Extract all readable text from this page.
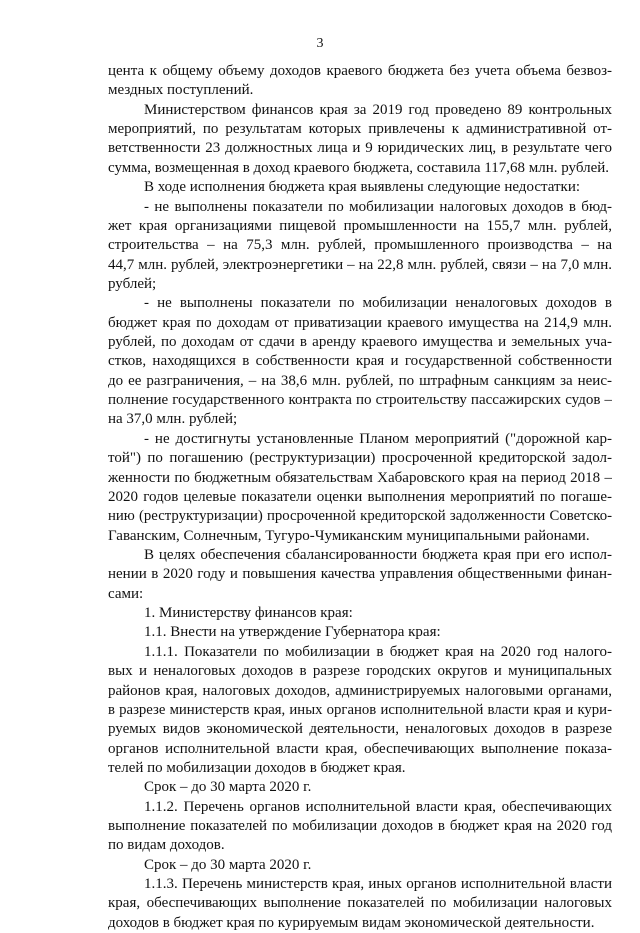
3
цента к общему объему доходов краевого бюджета без учета объема безвоз-
мездных поступлений.
Министерством финансов края за 2019 год проведено 89 контрольных
мероприятий, по результатам которых привлечены к административной от-
ветственности 23 должностных лица и 9 юридических лиц, в результате чего
сумма, возмещенная в доход краевого бюджета, составила 117,68 млн. рублей.
В ходе исполнения бюджета края выявлены следующие недостатки:
- не выполнены показатели по мобилизации налоговых доходов в бюд-
жет края организациями пищевой промышленности на 155,7 млн. рублей,
строительства – на 75,3 млн. рублей, промышленного производства – на
44,7 млн. рублей, электроэнергетики – на 22,8 млн. рублей, связи – на 7,0 млн.
рублей;
- не выполнены показатели по мобилизации неналоговых доходов в
бюджет края по доходам от приватизации краевого имущества на 214,9 млн.
рублей, по доходам от сдачи в аренду краевого имущества и земельных уча-
стков, находящихся в собственности края и государственной собственности
до ее разграничения, – на 38,6 млн. рублей, по штрафным санкциям за неис-
полнение государственного контракта по строительству пассажирских судов –
на 37,0 млн. рублей;
- не достигнуты установленные Планом мероприятий ("дорожной кар-
той") по погашению (реструктуризации) просроченной кредиторской задол-
женности по бюджетным обязательствам Хабаровского края на период 2018 –
2020 годов целевые показатели оценки выполнения мероприятий по погаше-
нию (реструктуризации) просроченной кредиторской задолженности Советско-
Гаванским, Солнечным, Тугуро-Чумиканским муниципальными районами.
В целях обеспечения сбалансированности бюджета края при его испол-
нении в 2020 году и повышения качества управления общественными финан-
сами:
1. Министерству финансов края:
1.1. Внести на утверждение Губернатора края:
1.1.1. Показатели по мобилизации в бюджет края на 2020 год налого-
вых и неналоговых доходов в разрезе городских округов и муниципальных
районов края, налоговых доходов, администрируемых налоговыми органами,
в разрезе министерств края, иных органов исполнительной власти края и кури-
руемых видов экономической деятельности, неналоговых доходов в разрезе
органов исполнительной власти края, обеспечивающих выполнение показа-
телей по мобилизации доходов в бюджет края.
Срок – до 30 марта 2020 г.
1.1.2. Перечень органов исполнительной власти края, обеспечивающих
выполнение показателей по мобилизации доходов в бюджет края на 2020 год
по видам доходов.
Срок – до 30 марта 2020 г.
1.1.3. Перечень министерств края, иных органов исполнительной власти
края, обеспечивающих выполнение показателей по мобилизации налоговых
доходов в бюджет края по курируемым видам экономической деятельности.
